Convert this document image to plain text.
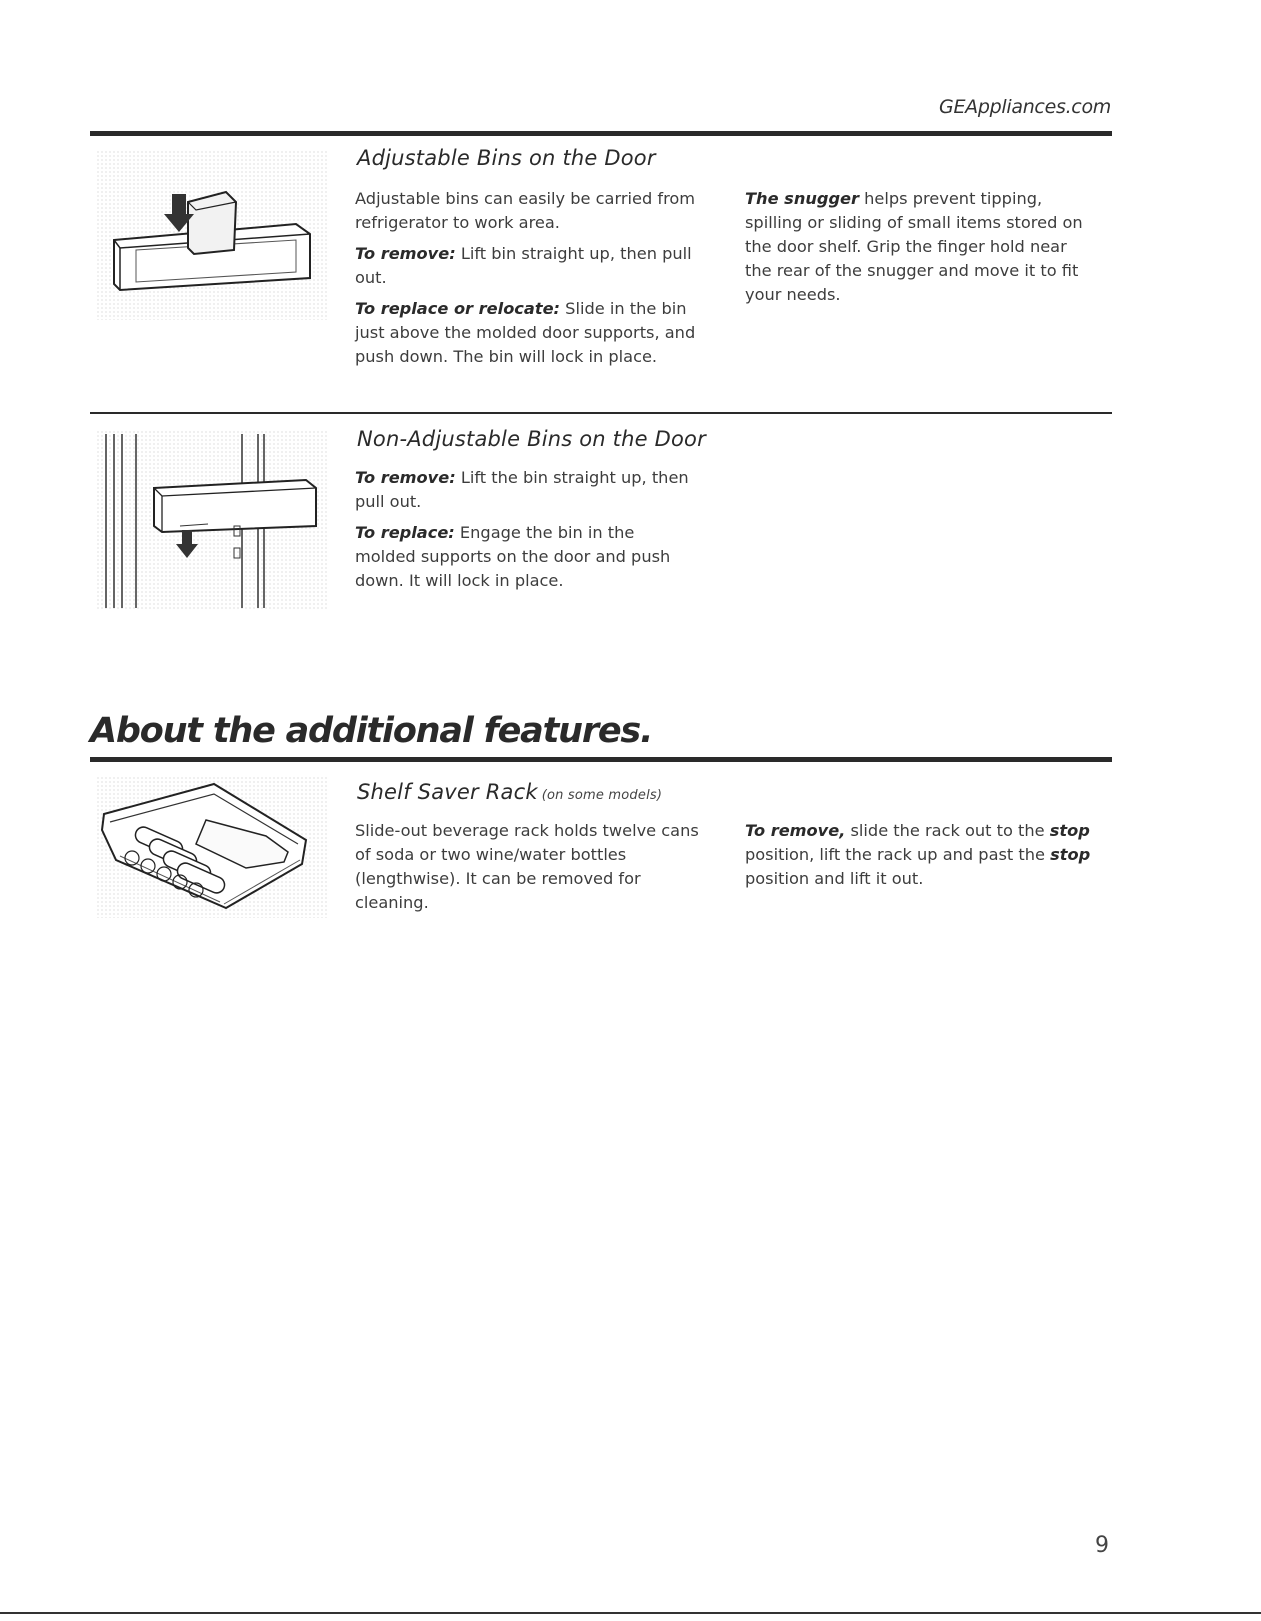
GEAppliances.com
Adjustable Bins on the Door

Adjustable bins can easily be carried from refrigerator to work area.

To remove: Lift bin straight up, then pull out.

To replace or relocate: Slide in the bin just above the molded door supports, and push down. The bin will lock in place.

The snugger helps prevent tipping, spilling or sliding of small items stored on the door shelf. Grip the finger hold near the rear of the snugger and move it to fit your needs.

Non-Adjustable Bins on the Door

To remove: Lift the bin straight up, then pull out.

To replace: Engage the bin in the molded supports on the door and push down. It will lock in place.

About the additional features.
Shelf Saver Rack (on some models)

Slide-out beverage rack holds twelve cans of soda or two wine/water bottles (lengthwise). It can be removed for cleaning.

To remove, slide the rack out to the stop position, lift the rack up and past the stop position and lift it out.

9
